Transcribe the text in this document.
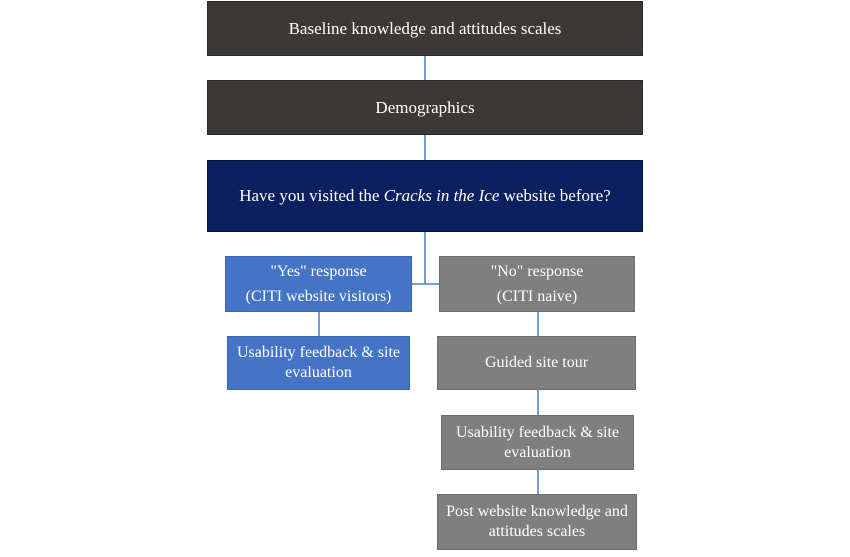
Baseline knowledge and attitudes scales
Demographics
Have you visited the Cracks in the Ice website before?
"Yes" response
(CITI website visitors)
"No" response
(CITI naive)
Usability feedback & site evaluation
Guided site tour
Usability feedback & site evaluation
Post website knowledge and attitudes scales
